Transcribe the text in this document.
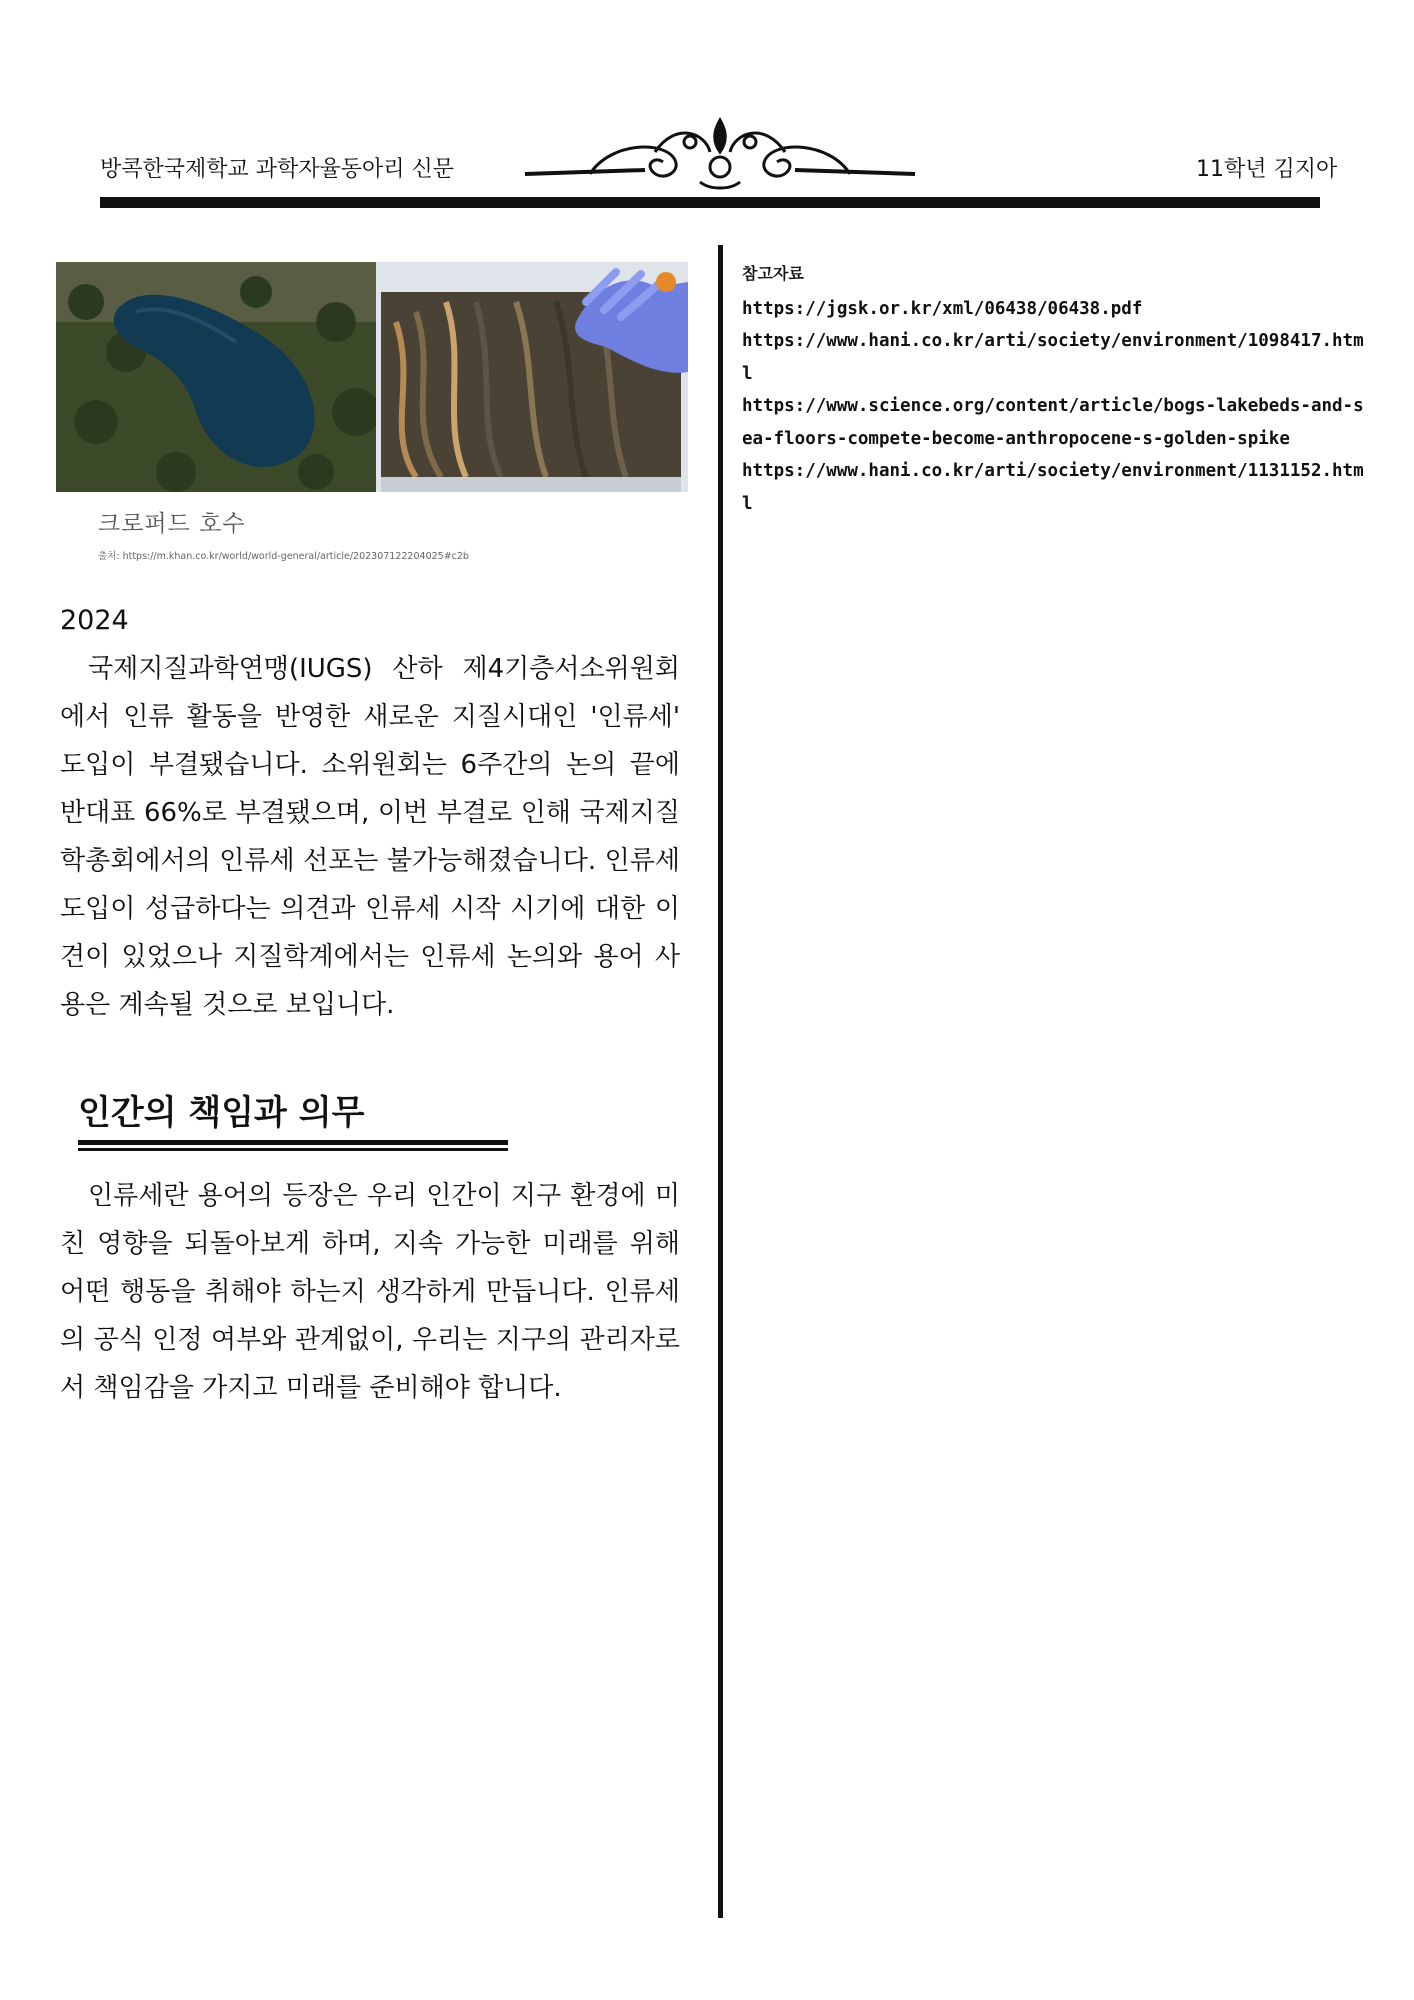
방콕한국제학교 과학자율동아리 신문	11학년 김지아
크로퍼드 호수
출처: https://m.khan.co.kr/world/world-general/article/202307122204025#c2b
2024

국제지질과학연맹(IUGS) 산하 제4기층서소위원회에서 인류 활동을 반영한 새로운 지질시대인 '인류세' 도입이 부결됐습니다. 소위원회는 6주간의 논의 끝에 반대표 66%로 부결됐으며, 이번 부결로 인해 국제지질학총회에서의 인류세 선포는 불가능해졌습니다. 인류세 도입이 성급하다는 의견과 인류세 시작 시기에 대한 이견이 있었으나 지질학계에서는 인류세 논의와 용어 사용은 계속될 것으로 보입니다.

인간의 책임과 의무

인류세란 용어의 등장은 우리 인간이 지구 환경에 미친 영향을 되돌아보게 하며, 지속 가능한 미래를 위해 어떤 행동을 취해야 하는지 생각하게 만듭니다. 인류세의 공식 인정 여부와 관계없이, 우리는 지구의 관리자로서 책임감을 가지고 미래를 준비해야 합니다.

참고자료
https://jgsk.or.kr/xml/06438/06438.pdf
https://www.hani.co.kr/arti/society/environment/1098417.html
https://www.science.org/content/article/bogs-lakebeds-and-sea-floors-compete-become-anthropocene-s-golden-spike
https://www.hani.co.kr/arti/society/environment/1131152.html
